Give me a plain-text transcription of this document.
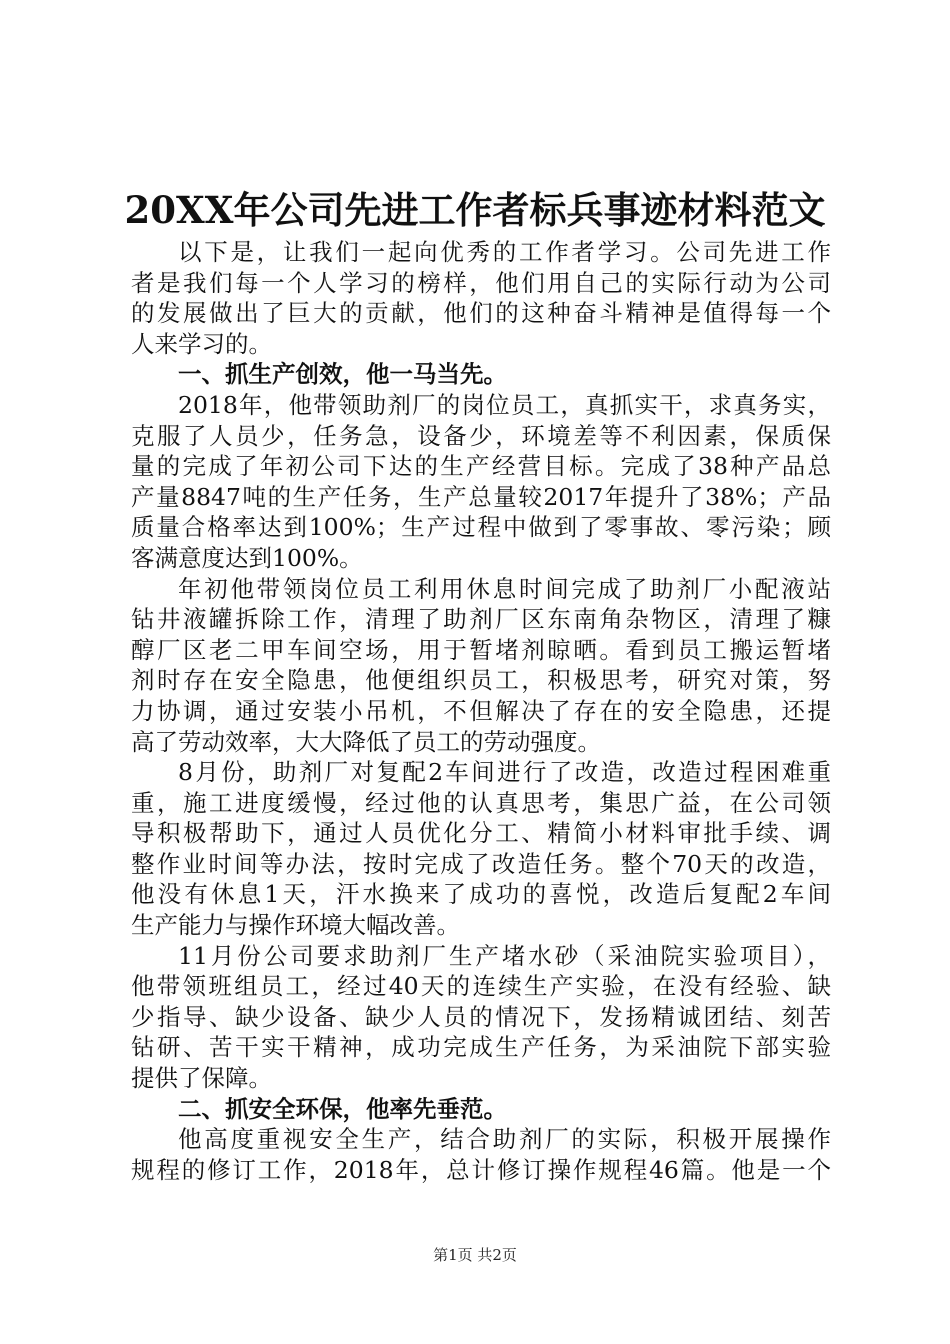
20XX年公司先进工作者标兵事迹材料范文
以下是，让我们一起向优秀的工作者学习。公司先进工作
者是我们每一个人学习的榜样，他们用自己的实际行动为公司
的发展做出了巨大的贡献，他们的这种奋斗精神是值得每一个
人来学习的。
一、抓生产创效，他一马当先。
2018年，他带领助剂厂的岗位员工，真抓实干，求真务实，
克服了人员少，任务急，设备少，环境差等不利因素，保质保
量的完成了年初公司下达的生产经营目标。完成了38种产品总
产量8847吨的生产任务，生产总量较2017年提升了38%；产品
质量合格率达到100%；生产过程中做到了零事故、零污染；顾
客满意度达到100%。
年初他带领岗位员工利用休息时间完成了助剂厂小配液站
钻井液罐拆除工作，清理了助剂厂区东南角杂物区，清理了糠
醇厂区老二甲车间空场，用于暂堵剂晾晒。看到员工搬运暂堵
剂时存在安全隐患，他便组织员工，积极思考，研究对策，努
力协调，通过安装小吊机，不但解决了存在的安全隐患，还提
高了劳动效率，大大降低了员工的劳动强度。
8月份，助剂厂对复配2车间进行了改造，改造过程困难重
重，施工进度缓慢，经过他的认真思考，集思广益，在公司领
导积极帮助下，通过人员优化分工、精简小材料审批手续、调
整作业时间等办法，按时完成了改造任务。整个70天的改造，
他没有休息1天，汗水换来了成功的喜悦，改造后复配2车间
生产能力与操作环境大幅改善。
11月份公司要求助剂厂生产堵水砂（采油院实验项目），
他带领班组员工，经过40天的连续生产实验，在没有经验、缺
少指导、缺少设备、缺少人员的情况下，发扬精诚团结、刻苦
钻研、苦干实干精神，成功完成生产任务，为采油院下部实验
提供了保障。
二、抓安全环保，他率先垂范。
他高度重视安全生产，结合助剂厂的实际，积极开展操作
规程的修订工作，2018年，总计修订操作规程46篇。他是一个
第1页 共2页
